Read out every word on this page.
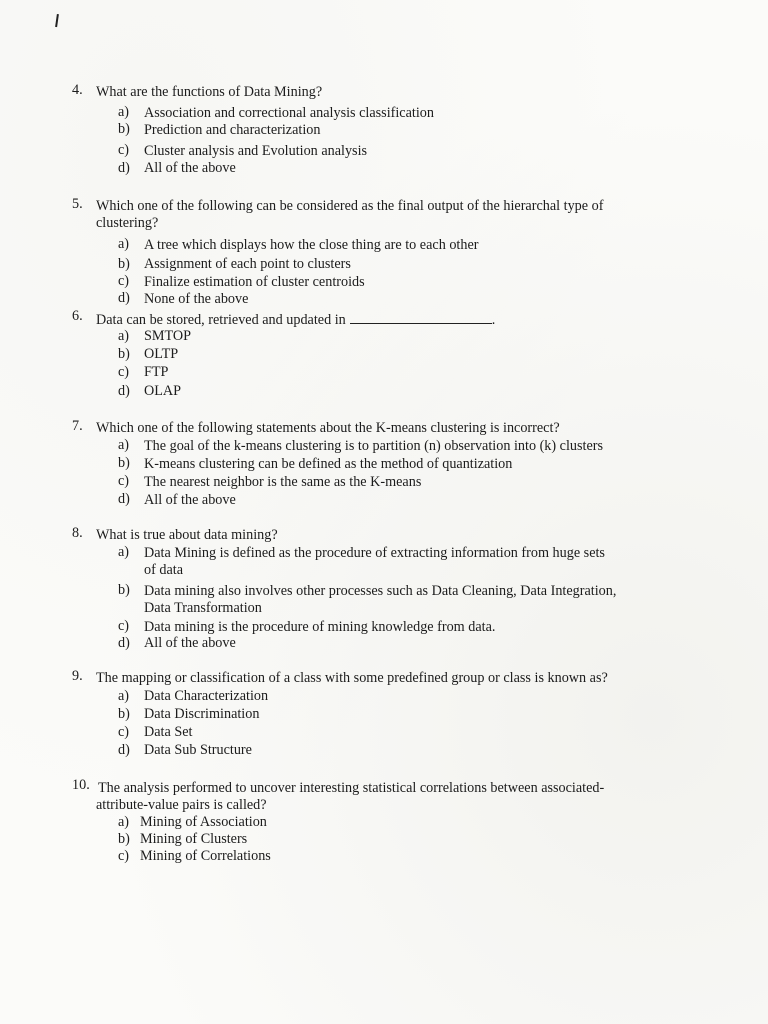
4. What are the functions of Data Mining?
a) Association and correctional analysis classification
b) Prediction and characterization
c) Cluster analysis and Evolution analysis
d) All of the above
5. Which one of the following can be considered as the final output of the hierarchal type of
clustering?
a) A tree which displays how the close thing are to each other
b) Assignment of each point to clusters
c) Finalize estimation of cluster centroids
d) None of the above
6. Data can be stored, retrieved and updated in	.
a) SMTOP
b) OLTP
c) FTP
d) OLAP
7. Which one of the following statements about the K-means clustering is incorrect?
a) The goal of the k-means clustering is to partition (n) observation into (k) clusters
b) K-means clustering can be defined as the method of quantization
c) The nearest neighbor is the same as the K-means
d) All of the above
8. What is true about data mining?
a) Data Mining is defined as the procedure of extracting information from huge sets
of data
b) Data mining also involves other processes such as Data Cleaning, Data Integration,
Data Transformation
c) Data mining is the procedure of mining knowledge from data.
d) All of the above
9. The mapping or classification of a class with some predefined group or class is known as?
a) Data Characterization
b) Data Discrimination
c) Data Set
d) Data Sub Structure
10. The analysis performed to uncover interesting statistical correlations between associated-
attribute-value pairs is called?
a) Mining of Association
b) Mining of Clusters
c) Mining of Correlations
